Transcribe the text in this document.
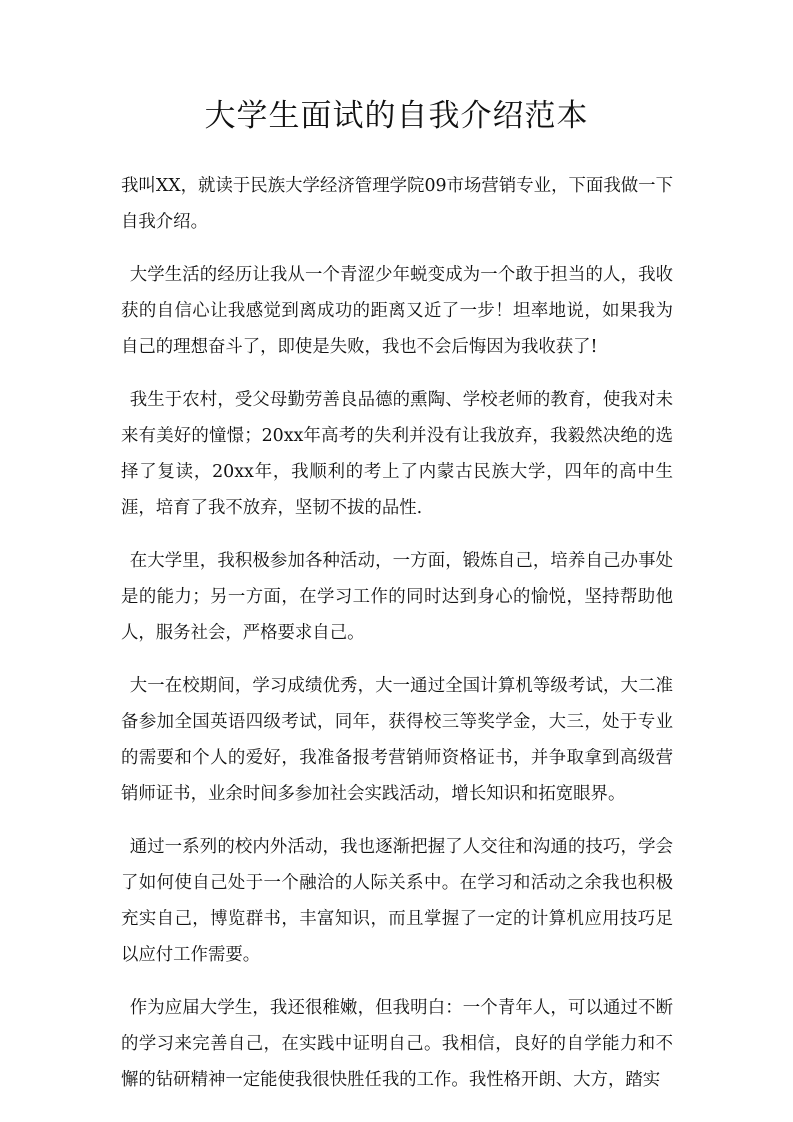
大学生面试的自我介绍范本

我叫XX，就读于民族大学经济管理学院09市场营销专业，下面我做一下自我介绍。

大学生活的经历让我从一个青涩少年蜕变成为一个敢于担当的人，我收获的自信心让我感觉到离成功的距离又近了一步！坦率地说，如果我为自己的理想奋斗了，即使是失败，我也不会后悔因为我收获了!

我生于农村，受父母勤劳善良品德的熏陶、学校老师的教育，使我对未来有美好的憧憬；20xx年高考的失利并没有让我放弃，我毅然决绝的选择了复读，20xx年，我顺利的考上了内蒙古民族大学，四年的高中生涯，培育了我不放弃，坚韧不拔的品性.

在大学里，我积极参加各种活动，一方面，锻炼自己，培养自己办事处是的能力；另一方面，在学习工作的同时达到身心的愉悦，坚持帮助他人，服务社会，严格要求自己。

大一在校期间，学习成绩优秀，大一通过全国计算机等级考试，大二准备参加全国英语四级考试，同年，获得校三等奖学金，大三，处于专业的需要和个人的爱好，我准备报考营销师资格证书，并争取拿到高级营销师证书，业余时间多参加社会实践活动，增长知识和拓宽眼界。

通过一系列的校内外活动，我也逐渐把握了人交往和沟通的技巧，学会了如何使自己处于一个融洽的人际关系中。在学习和活动之余我也积极充实自己，博览群书，丰富知识，而且掌握了一定的计算机应用技巧足以应付工作需要。

作为应届大学生，我还很稚嫩，但我明白：一个青年人，可以通过不断的学习来完善自己，在实践中证明自己。我相信，良好的自学能力和不懈的钻研精神一定能使我很快胜任我的工作。我性格开朗、大方，踏实
